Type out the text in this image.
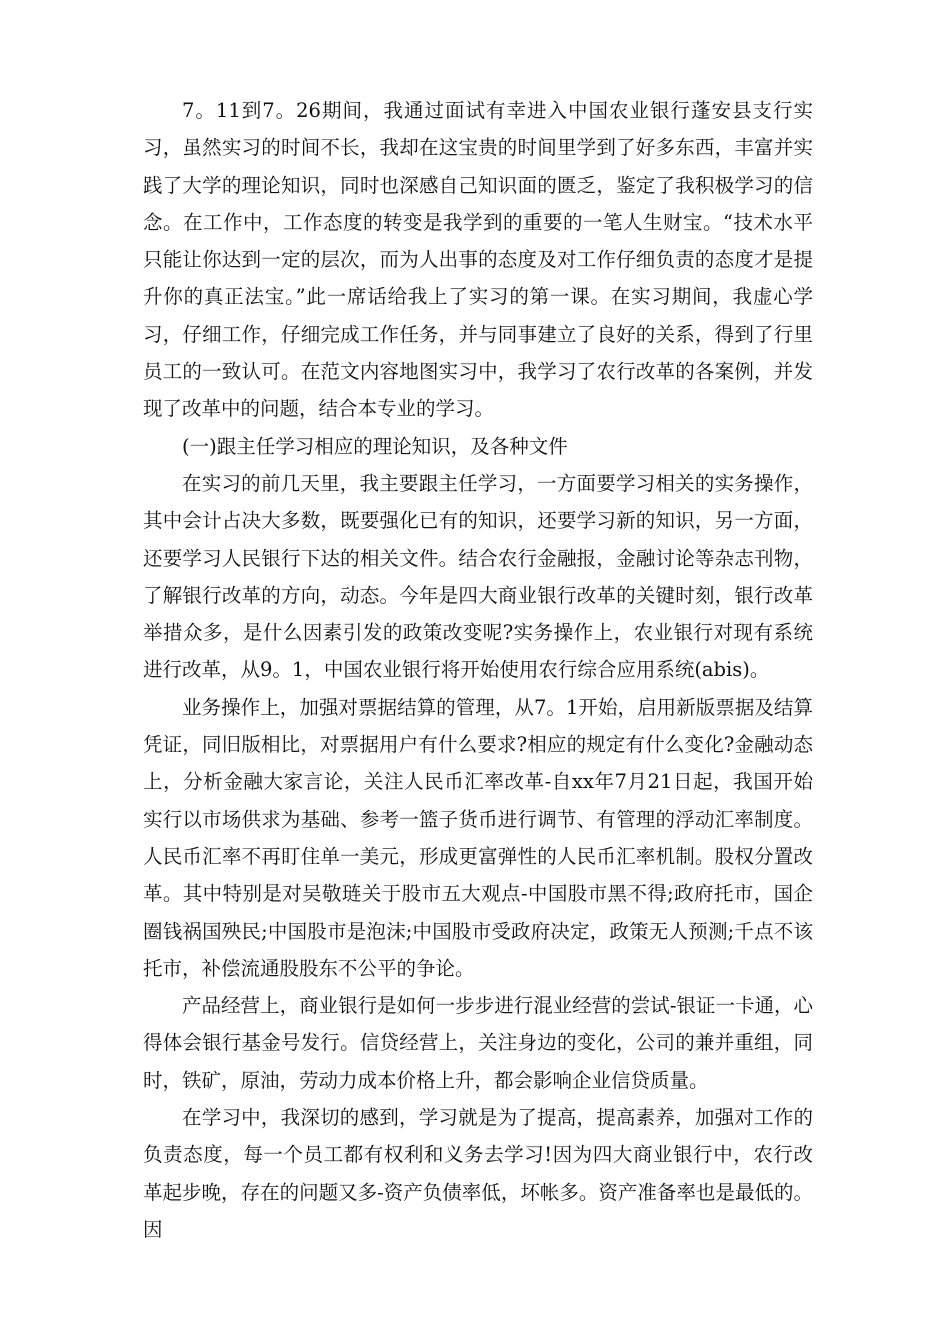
7。11到7。26期间，我通过面试有幸进入中国农业银行蓬安县支行实习，虽然实习的时间不长，我却在这宝贵的时间里学到了好多东西，丰富并实践了大学的理论知识，同时也深感自己知识面的匮乏，鉴定了我积极学习的信念。在工作中，工作态度的转变是我学到的重要的一笔人生财宝。“技术水平只能让你达到一定的层次，而为人出事的态度及对工作仔细负责的态度才是提升你的真正法宝。”此一席话给我上了实习的第一课。在实习期间，我虚心学习，仔细工作，仔细完成工作任务，并与同事建立了良好的关系，得到了行里员工的一致认可。在范文内容地图实习中，我学习了农行改革的各案例，并发现了改革中的问题，结合本专业的学习。

(一)跟主任学习相应的理论知识，及各种文件

在实习的前几天里，我主要跟主任学习，一方面要学习相关的实务操作，其中会计占决大多数，既要强化已有的知识，还要学习新的知识，另一方面，还要学习人民银行下达的相关文件。结合农行金融报，金融讨论等杂志刊物，了解银行改革的方向，动态。今年是四大商业银行改革的关键时刻，银行改革举措众多，是什么因素引发的政策改变呢?实务操作上，农业银行对现有系统进行改革，从9。1，中国农业银行将开始使用农行综合应用系统(abis)。

业务操作上，加强对票据结算的管理，从7。1开始，启用新版票据及结算凭证，同旧版相比，对票据用户有什么要求?相应的规定有什么变化?金融动态上，分析金融大家言论，关注人民币汇率改革-自xx年7月21日起，我国开始实行以市场供求为基础、参考一篮子货币进行调节、有管理的浮动汇率制度。人民币汇率不再盯住单一美元，形成更富弹性的人民币汇率机制。股权分置改革。其中特别是对吴敬琏关于股市五大观点-中国股市黑不得;政府托市，国企圈钱祸国殃民;中国股市是泡沫;中国股市受政府决定，政策无人预测;千点不该托市，补偿流通股股东不公平的争论。

产品经营上，商业银行是如何一步步进行混业经营的尝试-银证一卡通，心得体会银行基金号发行。信贷经营上，关注身边的变化，公司的兼并重组，同时，铁矿，原油，劳动力成本价格上升，都会影响企业信贷质量。

在学习中，我深切的感到，学习就是为了提高，提高素养，加强对工作的负责态度，每一个员工都有权利和义务去学习!因为四大商业银行中，农行改革起步晚，存在的问题又多-资产负债率低，坏帐多。资产准备率也是最低的。因
